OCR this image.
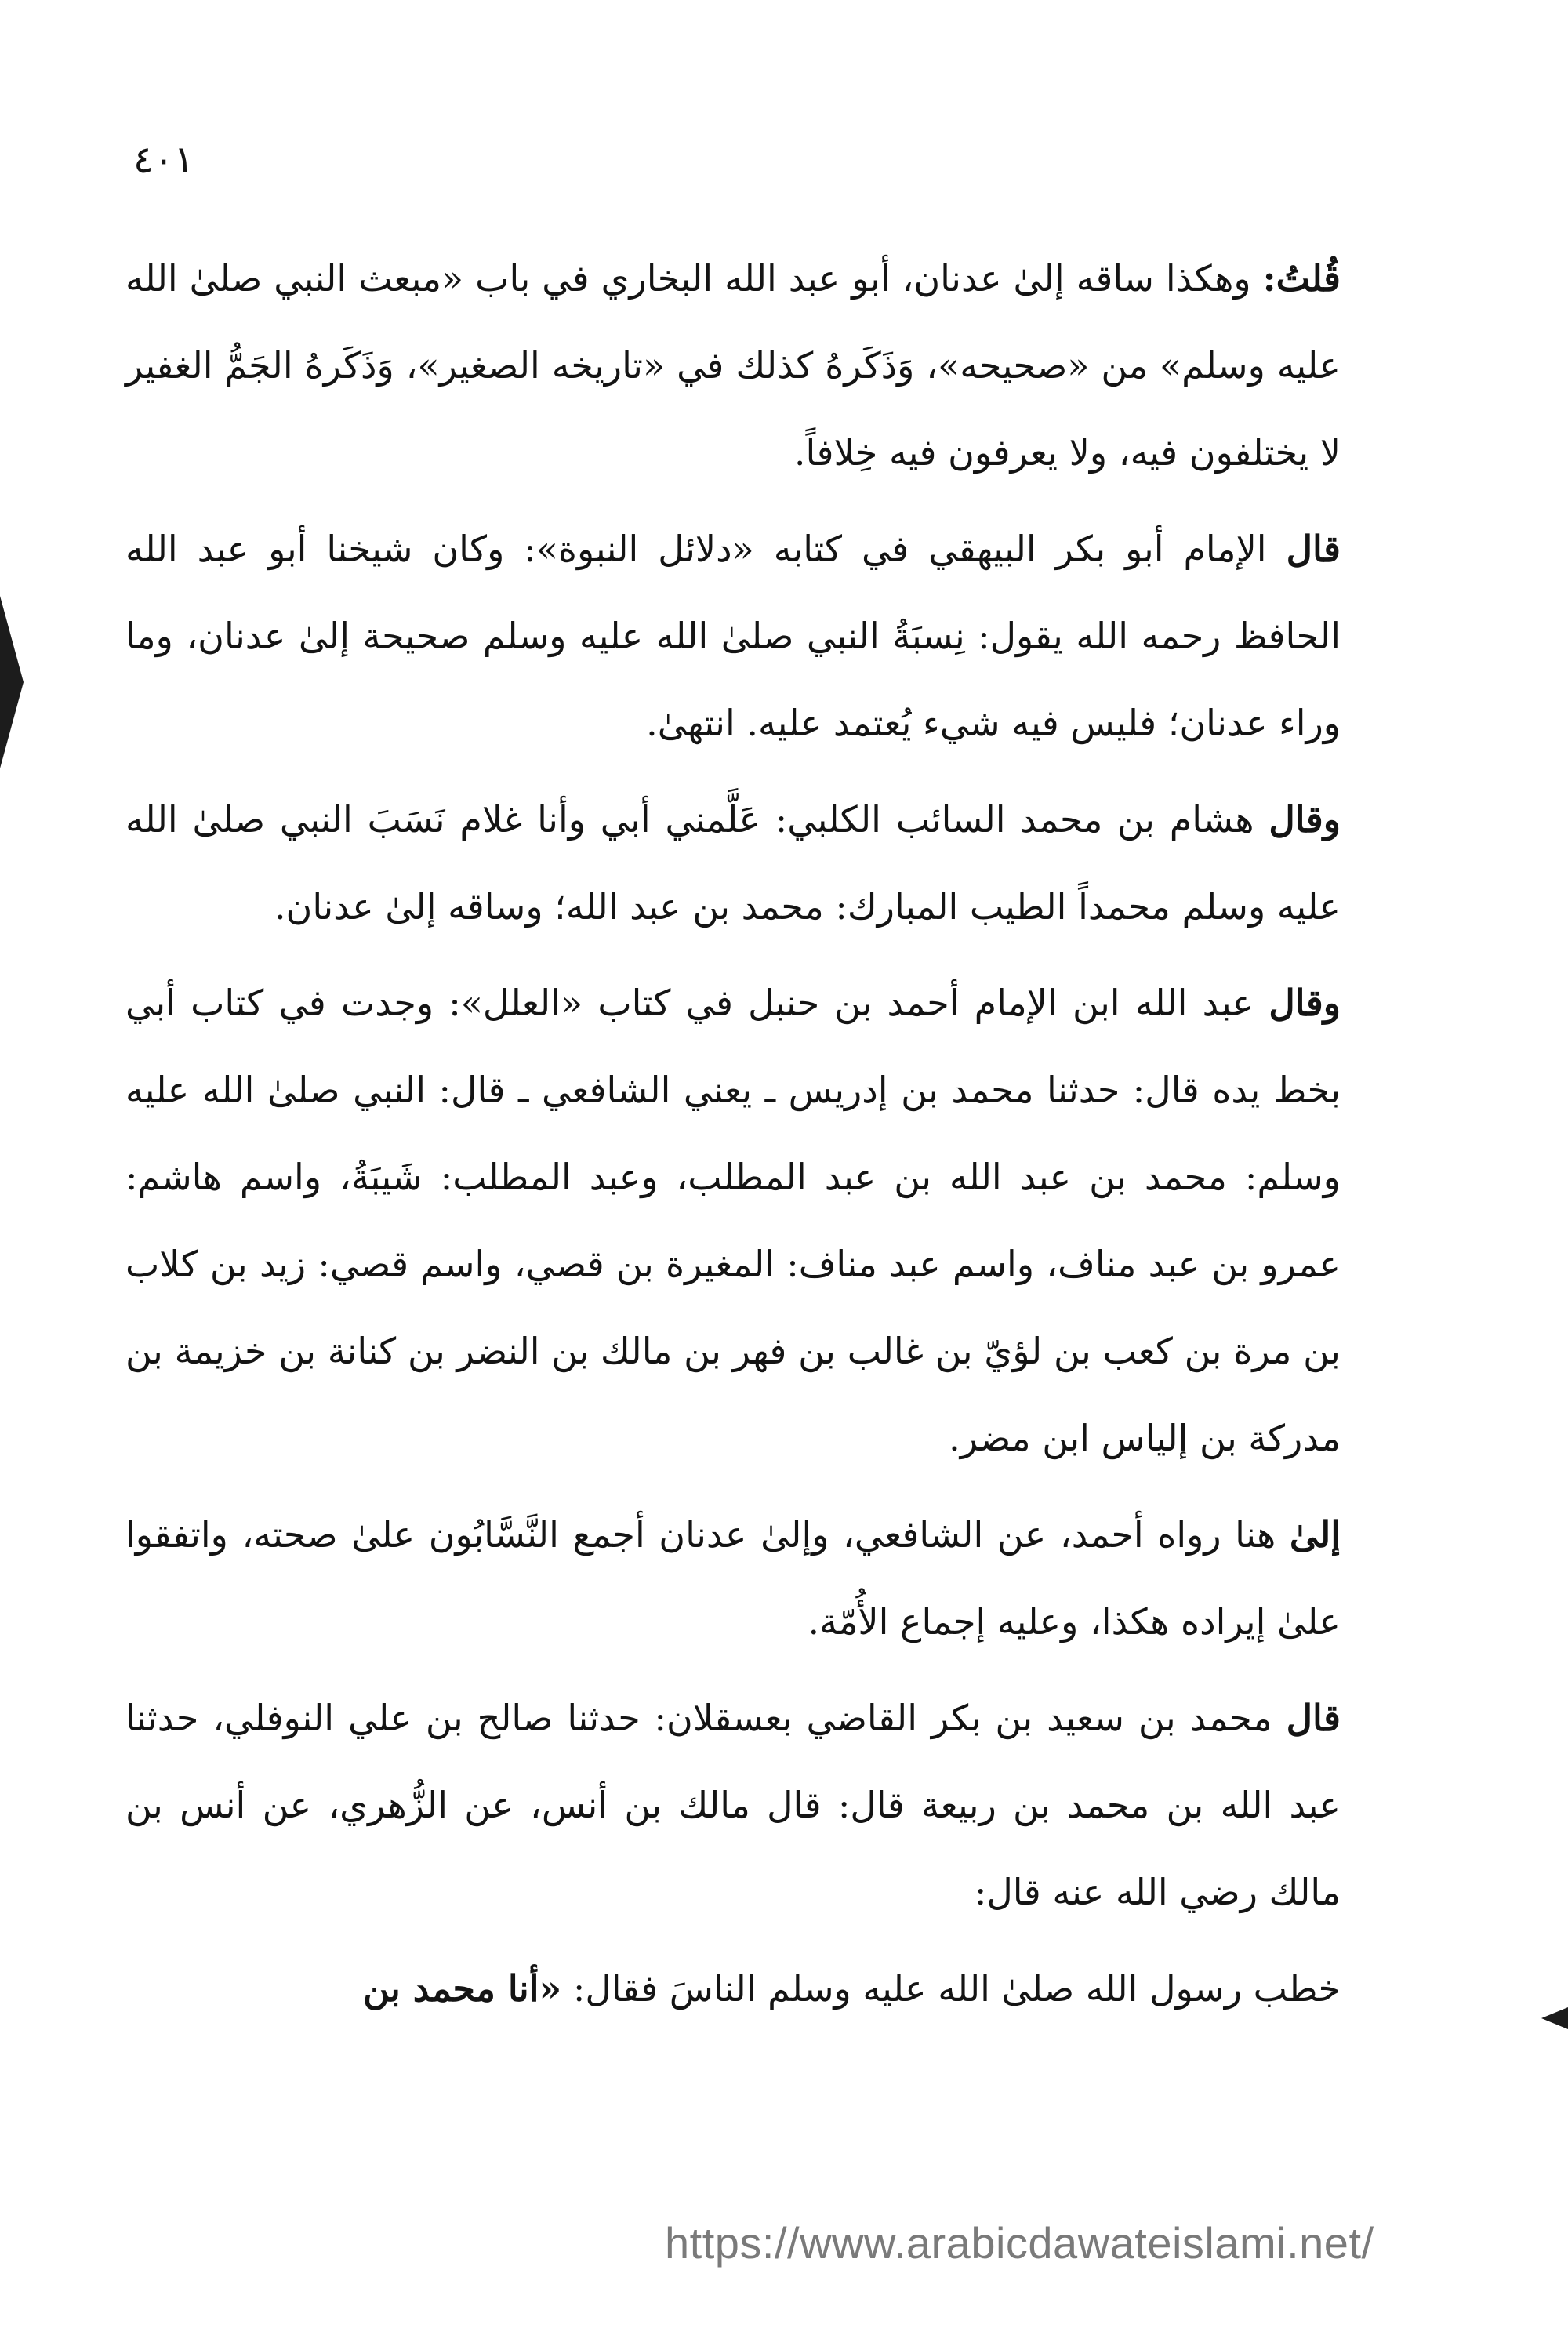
٤٠١

قُلتُ: وهكذا ساقه إلىٰ عدنان، أبو عبد الله البخاري في باب «مبعث النبي صلىٰ الله عليه وسلم» من «صحيحه»، وَذَكَرهُ كذلك في «تاريخه الصغير»، وَذَكَرهُ الجَمُّ الغفير لا يختلفون فيه، ولا يعرفون فيه خِلافاً.

قال الإمام أبو بكر البيهقي في كتابه «دلائل النبوة»: وكان شيخنا أبو عبد الله الحافظ رحمه الله يقول: نِسبَةُ النبي صلىٰ الله عليه وسلم صحيحة إلىٰ عدنان، وما وراء عدنان؛ فليس فيه شيء يُعتمد عليه. انتهىٰ.

وقال هشام بن محمد السائب الكلبي: عَلَّمني أبي وأنا غلام نَسَبَ النبي صلىٰ الله عليه وسلم محمداً الطيب المبارك: محمد بن عبد الله؛ وساقه إلىٰ عدنان.

وقال عبد الله ابن الإمام أحمد بن حنبل في كتاب «العلل»: وجدت في كتاب أبي بخط يده قال: حدثنا محمد بن إدريس ـ يعني الشافعي ـ قال: النبي صلىٰ الله عليه وسلم: محمد بن عبد الله بن عبد المطلب، وعبد المطلب: شَيبَةُ، واسم هاشم: عمرو بن عبد مناف، واسم عبد مناف: المغيرة بن قصي، واسم قصي: زيد بن كلاب بن مرة بن كعب بن لؤيّ بن غالب بن فهر بن مالك بن النضر بن كنانة بن خزيمة بن مدركة بن إلياس ابن مضر.

إلىٰ هنا رواه أحمد، عن الشافعي، وإلىٰ عدنان أجمع النَّسَّابُون علىٰ صحته، واتفقوا علىٰ إيراده هكذا، وعليه إجماع الأُمّة.

قال محمد بن سعيد بن بكر القاضي بعسقلان: حدثنا صالح بن علي النوفلي، حدثنا عبد الله بن محمد بن ربيعة قال: قال مالك بن أنس، عن الزُّهري، عن أنس بن مالك رضي الله عنه قال:

خطب رسول الله صلىٰ الله عليه وسلم الناسَ فقال: «أنا محمد بن

https://www.arabicdawateislami.net/
